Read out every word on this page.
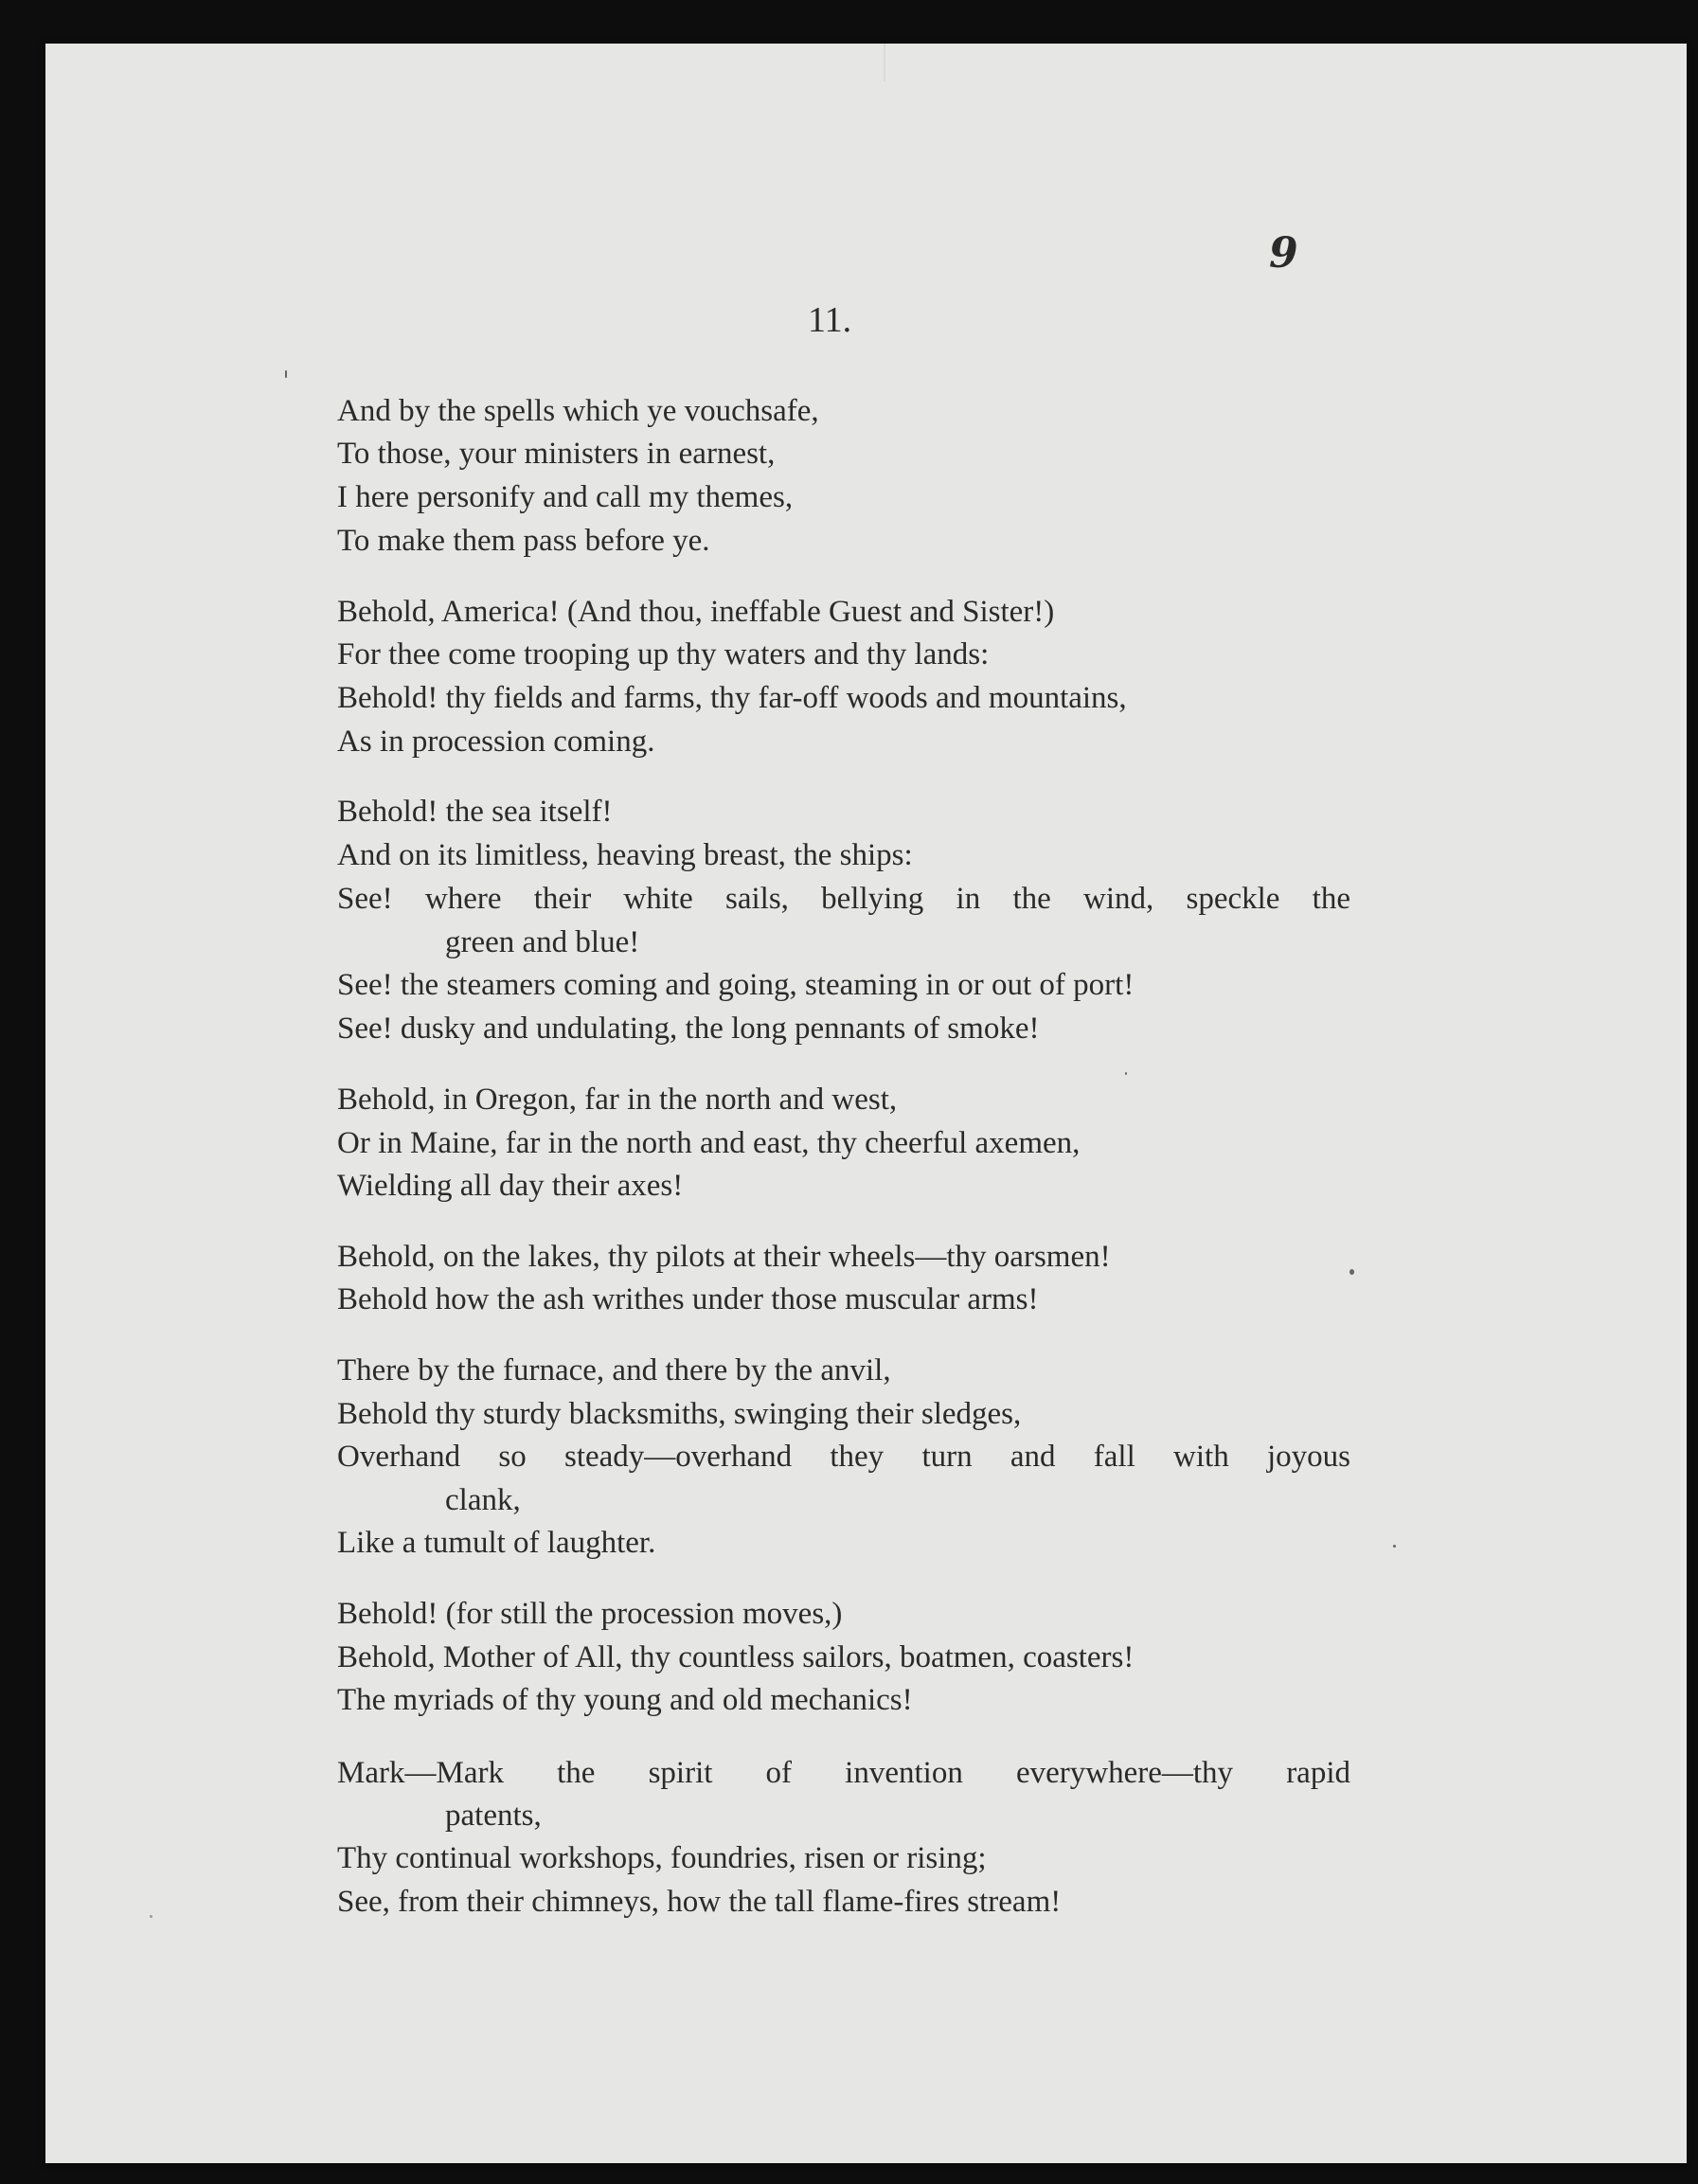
9
11.
And by the spells which ye vouchsafe,
To those, your ministers in earnest,
I here personify and call my themes,
To make them pass before ye.
Behold, America! (And thou, ineffable Guest and Sister!)
For thee come trooping up thy waters and thy lands:
Behold! thy fields and farms, thy far-off woods and mountains,
As in procession coming.
Behold! the sea itself!
And on its limitless, heaving breast, the ships:
See! where their white sails, bellying in the wind, speckle the
green and blue!
See! the steamers coming and going, steaming in or out of port!
See! dusky and undulating, the long pennants of smoke!
Behold, in Oregon, far in the north and west,
Or in Maine, far in the north and east, thy cheerful axemen,
Wielding all day their axes!
Behold, on the lakes, thy pilots at their wheels—thy oarsmen!
Behold how the ash writhes under those muscular arms!
There by the furnace, and there by the anvil,
Behold thy sturdy blacksmiths, swinging their sledges,
Overhand so steady—overhand they turn and fall with joyous
clank,
Like a tumult of laughter.
Behold! (for still the procession moves,)
Behold, Mother of All, thy countless sailors, boatmen, coasters!
The myriads of thy young and old mechanics!
Mark—Mark the spirit of invention everywhere—thy rapid
patents,
Thy continual workshops, foundries, risen or rising;
See, from their chimneys, how the tall flame-fires stream!
